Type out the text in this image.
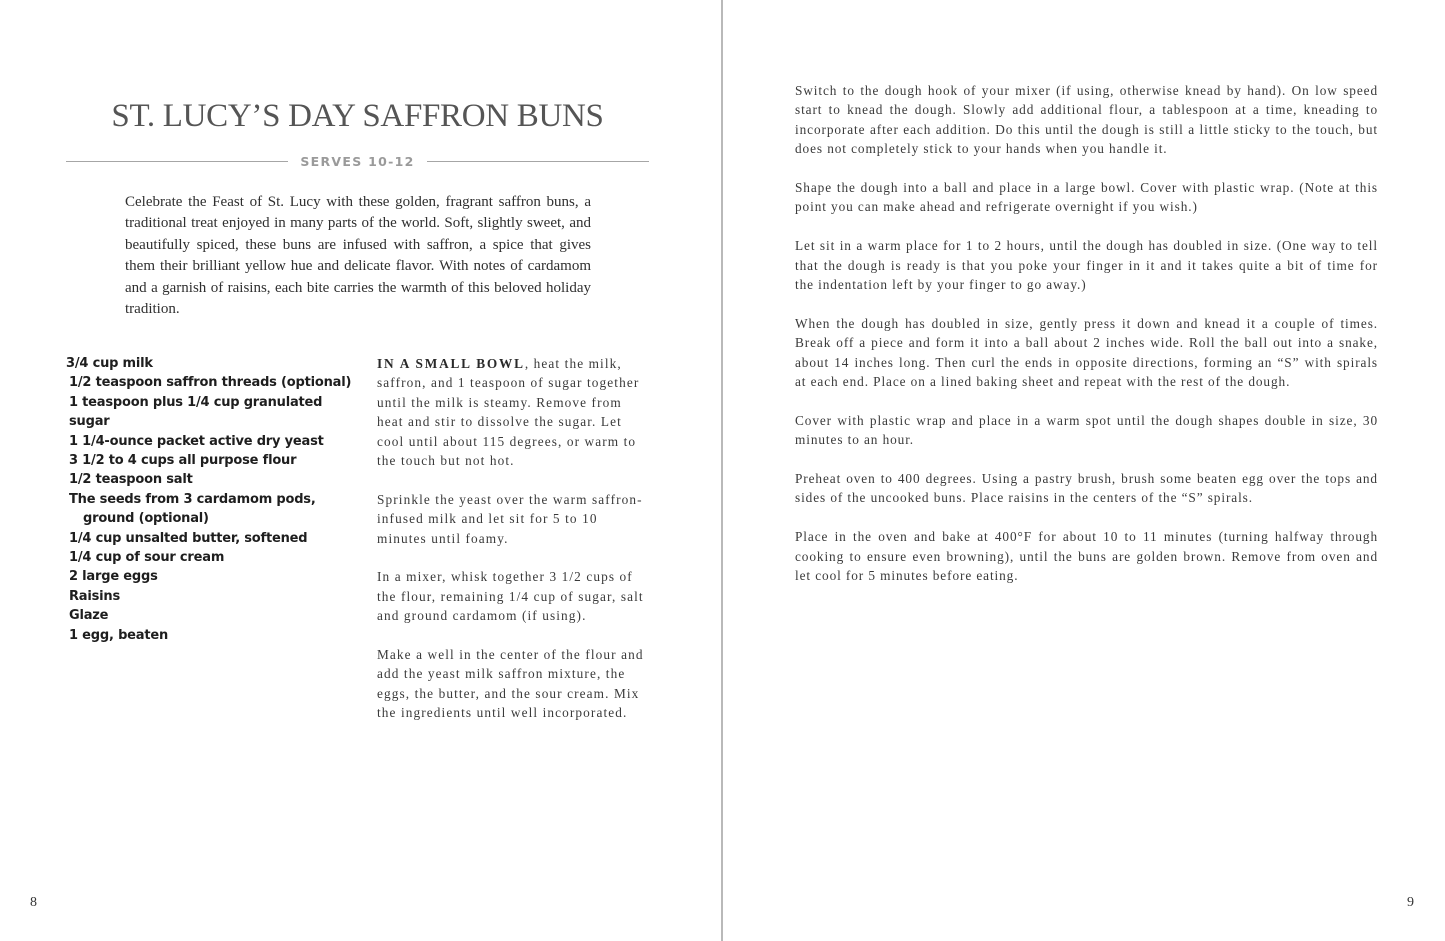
ST. LUCY’S DAY SAFFRON BUNS
SERVES 10-12

Celebrate the Feast of St. Lucy with these golden, fragrant saffron buns, a traditional treat enjoyed in many parts of the world. Soft, slightly sweet, and beautifully spiced, these buns are infused with saffron, a spice that gives them their brilliant yellow hue and delicate flavor. With notes of cardamom and a garnish of raisins, each bite carries the warmth of this beloved holiday tradition.

3/4 cup milk
1/2 teaspoon saffron threads (optional)
1 teaspoon plus 1/4 cup granulated sugar
1 1/4-ounce packet active dry yeast
3 1/2 to 4 cups all purpose flour
1/2 teaspoon salt
The seeds from 3 cardamom pods,
ground (optional)
1/4 cup unsalted butter, softened
1/4 cup of sour cream
2 large eggs
Raisins
Glaze
1 egg, beaten

IN A SMALL BOWL, heat the milk, saffron, and 1 teaspoon of sugar together until the milk is steamy. Remove from heat and stir to dissolve the sugar. Let cool until about 115 degrees, or warm to the touch but not hot.

Sprinkle the yeast over the warm saffron-infused milk and let sit for 5 to 10 minutes until foamy.

In a mixer, whisk together 3 1/2 cups of the flour, remaining 1/4 cup of sugar, salt and ground cardamom (if using).

Make a well in the center of the flour and add the yeast milk saffron mixture, the eggs, the butter, and the sour cream. Mix the ingredients until well incorporated.

8	9

Switch to the dough hook of your mixer (if using, otherwise knead by hand). On low speed start to knead the dough. Slowly add additional flour, a tablespoon at a time, kneading to incorporate after each addition. Do this until the dough is still a little sticky to the touch, but does not completely stick to your hands when you handle it.

Shape the dough into a ball and place in a large bowl. Cover with plastic wrap. (Note at this point you can make ahead and refrigerate overnight if you wish.)

Let sit in a warm place for 1 to 2 hours, until the dough has doubled in size. (One way to tell that the dough is ready is that you poke your finger in it and it takes quite a bit of time for the indentation left by your finger to go away.)

When the dough has doubled in size, gently press it down and knead it a couple of times. Break off a piece and form it into a ball about 2 inches wide. Roll the ball out into a snake, about 14 inches long. Then curl the ends in opposite directions, forming an “S” with spirals at each end. Place on a lined baking sheet and repeat with the rest of the dough.

Cover with plastic wrap and place in a warm spot until the dough shapes double in size, 30 minutes to an hour.

Preheat oven to 400 degrees. Using a pastry brush, brush some beaten egg over the tops and sides of the uncooked buns. Place raisins in the centers of the “S” spirals.

Place in the oven and bake at 400°F for about 10 to 11 minutes (turning halfway through cooking to ensure even browning), until the buns are golden brown. Remove from oven and let cool for 5 minutes before eating.
